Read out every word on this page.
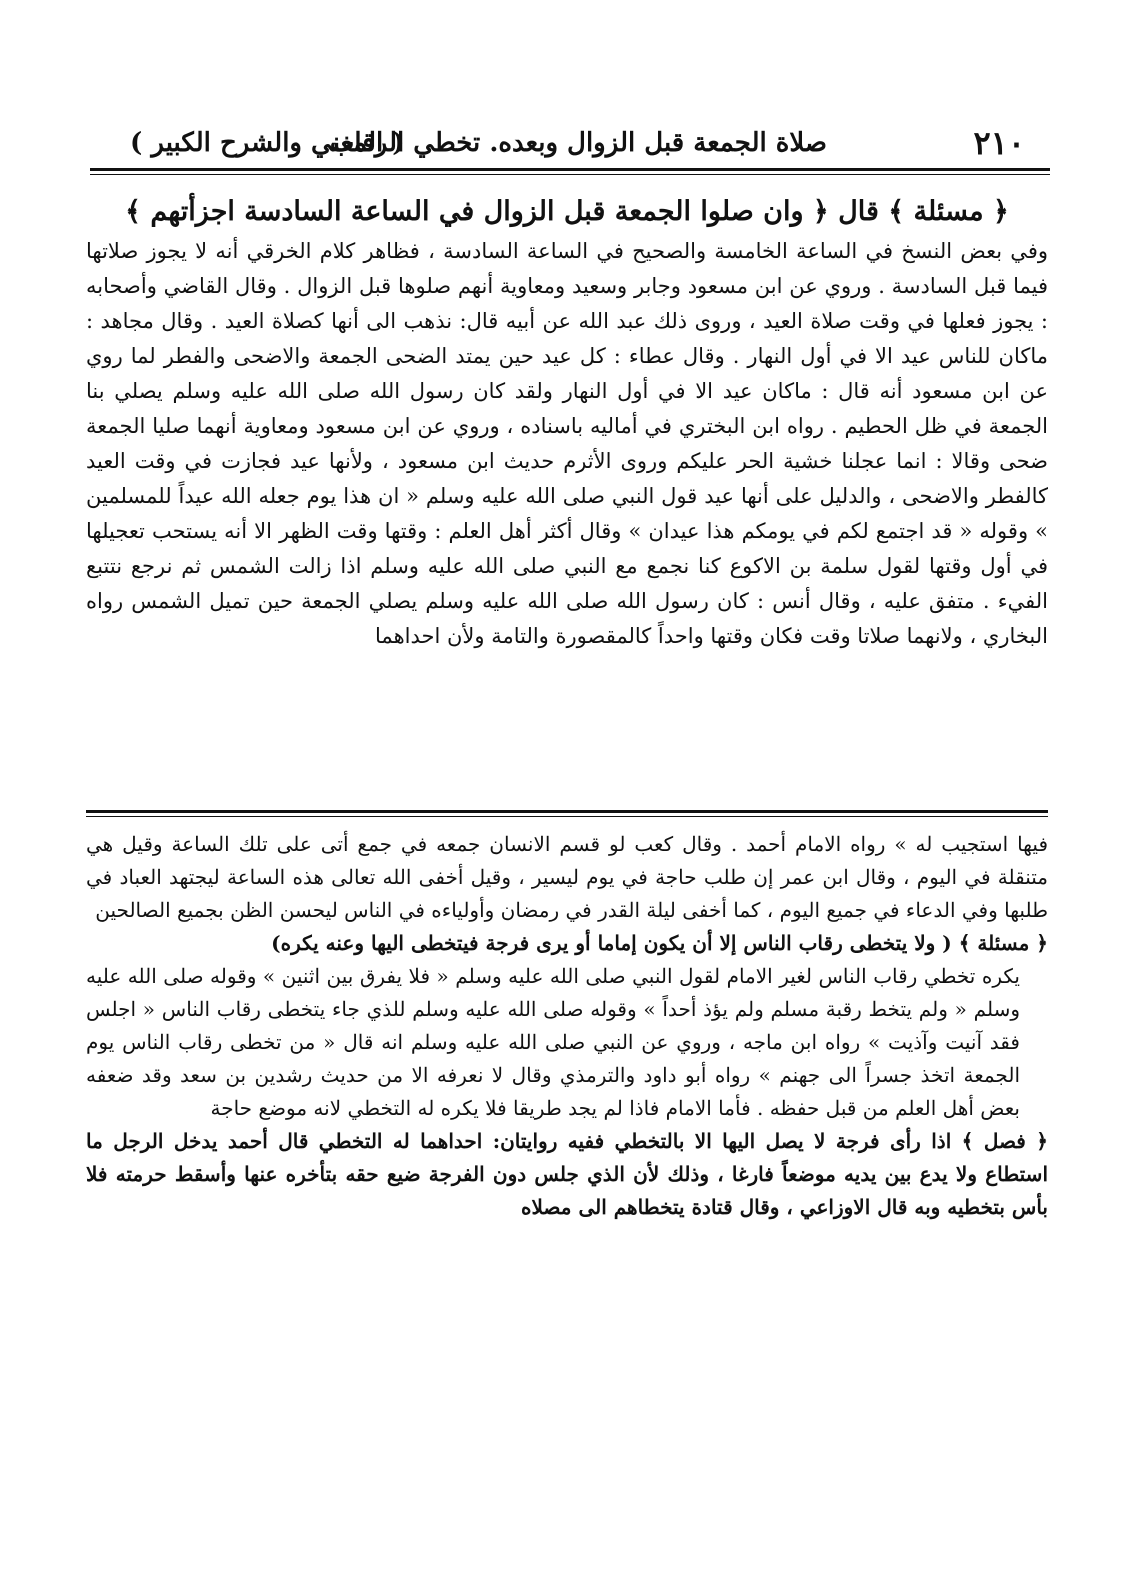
٢١٠
صلاة الجمعة قبل الزوال وبعده. تخطي الرقاب
( المغني والشرح الكبير )

﴿ مسئلة ﴾ قال ﴿ وان صلوا الجمعة قبل الزوال في الساعة السادسة اجزأتهم ﴾

وفي بعض النسخ في الساعة الخامسة والصحيح في الساعة السادسة ، فظاهر كلام الخرقي أنه لا يجوز صلاتها فيما قبل السادسة . وروي عن ابن مسعود وجابر وسعيد ومعاوية أنهم صلوها قبل الزوال . وقال القاضي وأصحابه : يجوز فعلها في وقت صلاة العيد ، وروى ذلك عبد الله عن أبيه قال: نذهب الى أنها كصلاة العيد . وقال مجاهد : ماكان للناس عيد الا في أول النهار . وقال عطاء : كل عيد حين يمتد الضحى الجمعة والاضحى والفطر لما روي عن ابن مسعود أنه قال : ماكان عيد الا في أول النهار ولقد كان رسول الله صلى الله عليه وسلم يصلي بنا الجمعة في ظل الحطيم . رواه ابن البختري في أماليه باسناده ، وروي عن ابن مسعود ومعاوية أنهما صليا الجمعة ضحى وقالا : انما عجلنا خشية الحر عليكم وروى الأثرم حديث ابن مسعود ، ولأنها عيد فجازت في وقت العيد كالفطر والاضحى ، والدليل على أنها عيد قول النبي صلى الله عليه وسلم « ان هذا يوم جعله الله عيداً للمسلمين » وقوله « قد اجتمع لكم في يومكم هذا عيدان » وقال أكثر أهل العلم : وقتها وقت الظهر الا أنه يستحب تعجيلها في أول وقتها لقول سلمة بن الاكوع كنا نجمع مع النبي صلى الله عليه وسلم اذا زالت الشمس ثم نرجع نتتبع الفيء . متفق عليه ، وقال أنس : كان رسول الله صلى الله عليه وسلم يصلي الجمعة حين تميل الشمس رواه البخاري ، ولانهما صلاتا وقت فكان وقتها واحداً كالمقصورة والتامة ولأن احداهما

فيها استجيب له » رواه الامام أحمد . وقال كعب لو قسم الانسان جمعه في جمع أتى على تلك الساعة وقيل هي متنقلة في اليوم ، وقال ابن عمر إن طلب حاجة في يوم ليسير ، وقيل أخفى الله تعالى هذه الساعة ليجتهد العباد في طلبها وفي الدعاء في جميع اليوم ، كما أخفى ليلة القدر في رمضان وأولياءه في الناس ليحسن الظن بجميع الصالحين

﴿ مسئلة ﴾ ( ولا يتخطى رقاب الناس إلا أن يكون إماما أو يرى فرجة فيتخطى اليها وعنه يكره)

يكره تخطي رقاب الناس لغير الامام لقول النبي صلى الله عليه وسلم « فلا يفرق بين اثنين » وقوله صلى الله عليه وسلم « ولم يتخط رقبة مسلم ولم يؤذ أحداً » وقوله صلى الله عليه وسلم للذي جاء يتخطى رقاب الناس « اجلس فقد آنيت وآذيت » رواه ابن ماجه ، وروي عن النبي صلى الله عليه وسلم انه قال « من تخطى رقاب الناس يوم الجمعة اتخذ جسراً الى جهنم » رواه أبو داود والترمذي وقال لا نعرفه الا من حديث رشدين بن سعد وقد ضعفه بعض أهل العلم من قبل حفظه . فأما الامام فاذا لم يجد طريقا فلا يكره له التخطي لانه موضع حاجة

﴿ فصل ﴾ اذا رأى فرجة لا يصل اليها الا بالتخطي ففيه روايتان: احداهما له التخطي قال أحمد يدخل الرجل ما استطاع ولا يدع بين يديه موضعاً فارغا ، وذلك لأن الذي جلس دون الفرجة ضيع حقه بتأخره عنها وأسقط حرمته فلا بأس بتخطيه وبه قال الاوزاعي ، وقال قتادة يتخطاهم الى مصلاه
